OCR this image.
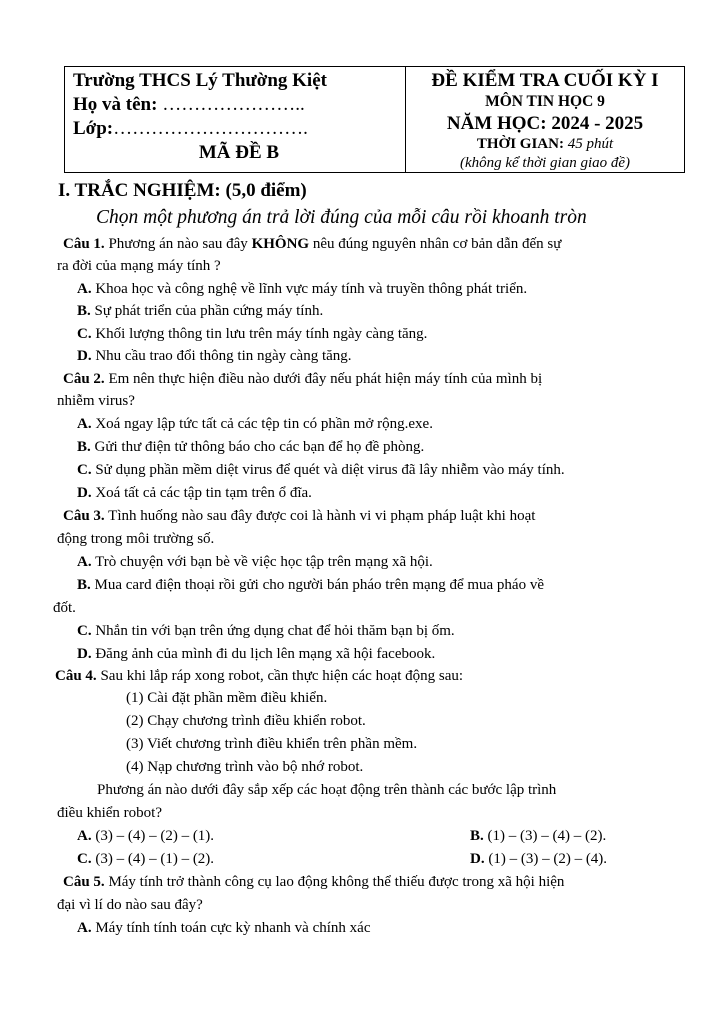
Trường THCS Lý Thường Kiệt
Họ và tên: …………………..
Lớp:………………………….
MÃ ĐỀ B

ĐỀ KIỂM TRA CUỐI KỲ I
MÔN TIN HỌC 9
NĂM HỌC: 2024 - 2025
THỜI GIAN: 45 phút
(không kể thời gian giao đề)
I. TRẮC NGHIỆM: (5,0 điểm)
Chọn một phương án trả lời đúng của mỗi câu rồi khoanh tròn
Câu 1. Phương án nào sau đây KHÔNG nêu đúng nguyên nhân cơ bản dẫn đến sự
ra đời của mạng máy tính ?
A. Khoa học và công nghệ về lĩnh vực máy tính và truyền thông phát triển.
B. Sự phát triển của phần cứng máy tính.
C. Khối lượng thông tin lưu trên máy tính ngày càng tăng.
D. Nhu cầu trao đổi thông tin ngày càng tăng.
Câu 2. Em nên thực hiện điều nào dưới đây nếu phát hiện máy tính của mình bị
nhiễm virus?
A. Xoá ngay lập tức tất cả các tệp tin có phần mở rộng.exe.
B. Gửi thư điện tử thông báo cho các bạn để họ đề phòng.
C. Sử dụng phần mềm diệt virus để quét và diệt virus đã lây nhiễm vào máy tính.
D. Xoá tất cả các tập tin tạm trên ổ đĩa.
Câu 3. Tình huống nào sau đây được coi là hành vi vi phạm pháp luật khi hoạt
động trong môi trường số.
A. Trò chuyện với bạn bè về việc học tập trên mạng xã hội.
B. Mua card điện thoại rồi gửi cho người bán pháo trên mạng để mua pháo về
đốt.
C. Nhắn tin với bạn trên ứng dụng chat để hỏi thăm bạn bị ốm.
D. Đăng ảnh của mình đi du lịch lên mạng xã hội facebook.
Câu 4. Sau khi lắp ráp xong robot, cần thực hiện các hoạt động sau:
(1) Cài đặt phần mềm điều khiển.
(2) Chạy chương trình điều khiển robot.
(3) Viết chương trình điều khiển trên phần mềm.
(4) Nạp chương trình vào bộ nhớ robot.
Phương án nào dưới đây sắp xếp các hoạt động trên thành các bước lập trình
điều khiển robot?
A. (3) – (4) – (2) – (1).	B. (1) – (3) – (4) – (2).
C. (3) – (4) – (1) – (2).	D. (1) – (3) – (2) – (4).
Câu 5. Máy tính trở thành công cụ lao động không thể thiếu được trong xã hội hiện
đại vì lí do nào sau đây?
A. Máy tính tính toán cực kỳ nhanh và chính xác
